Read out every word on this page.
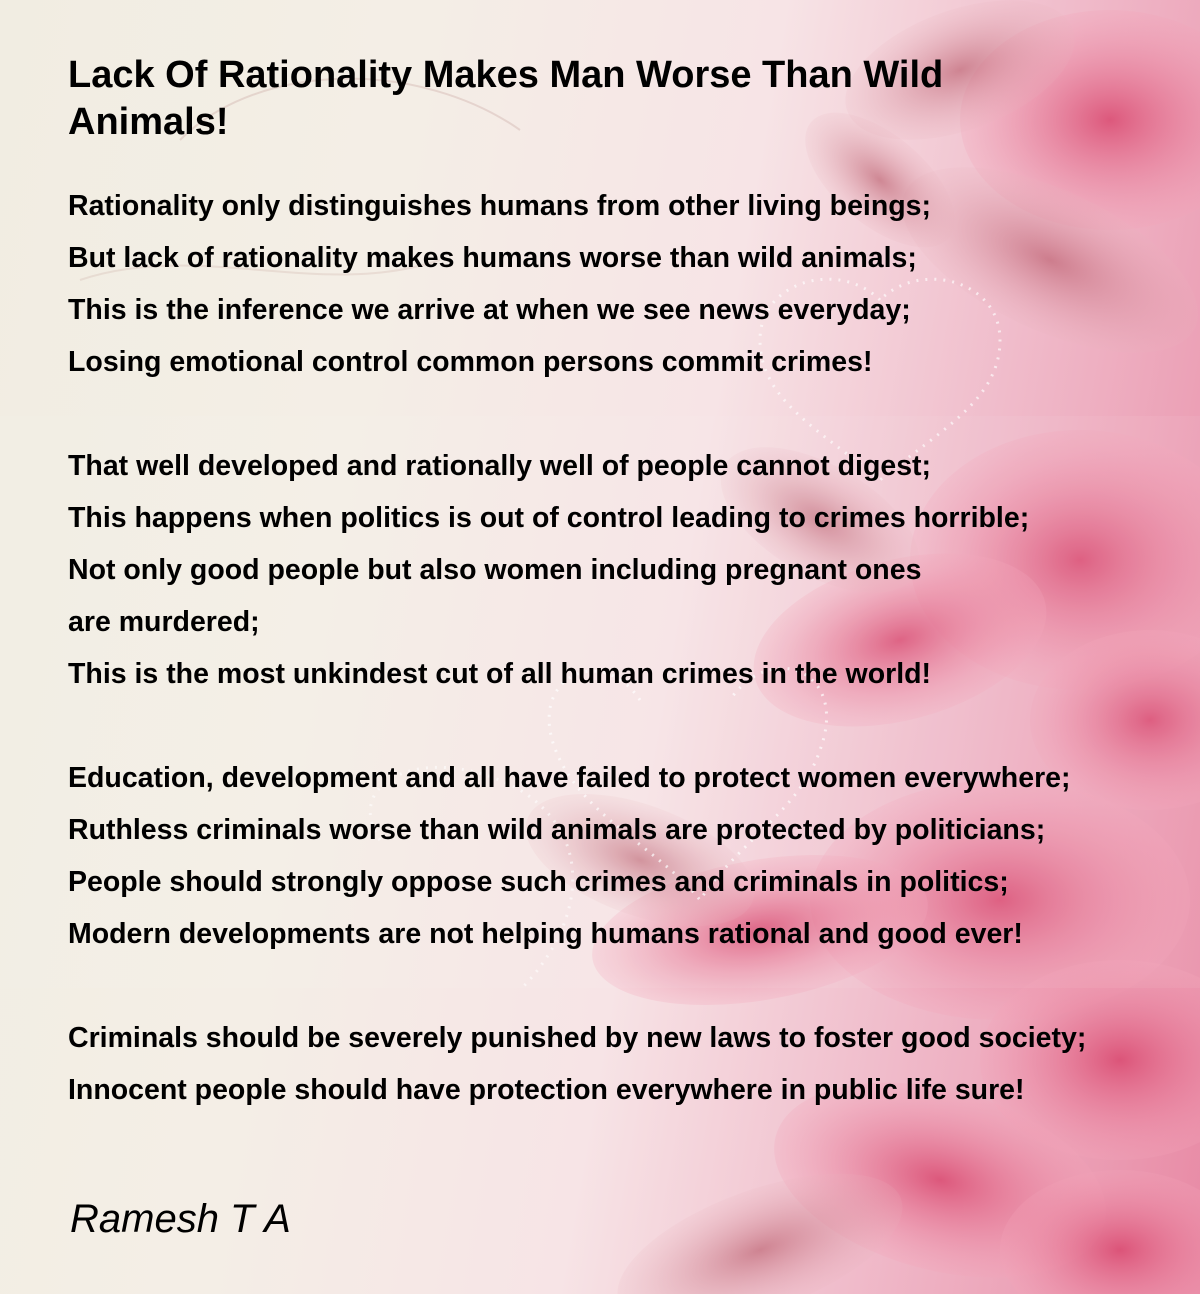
Lack Of Rationality Makes Man Worse Than Wild Animals!
Rationality only distinguishes humans from other living beings;
But lack of rationality makes humans worse than wild animals;
This is the inference we arrive at when we see news everyday;
Losing emotional control common persons commit crimes!
That well developed and rationally well of people cannot digest;
This happens when politics is out of control leading to crimes horrible;
Not only good people but also women including pregnant ones
are murdered;
This is the most unkindest cut of all human crimes in the world!
Education, development and all have failed to protect women everywhere;
Ruthless criminals worse than wild animals are protected by politicians;
People should strongly oppose such crimes and criminals in politics;
Modern developments are not helping humans rational and good ever!
Criminals should be severely punished by new laws to foster good society;
Innocent people should have protection everywhere in public life sure!
Ramesh T A
